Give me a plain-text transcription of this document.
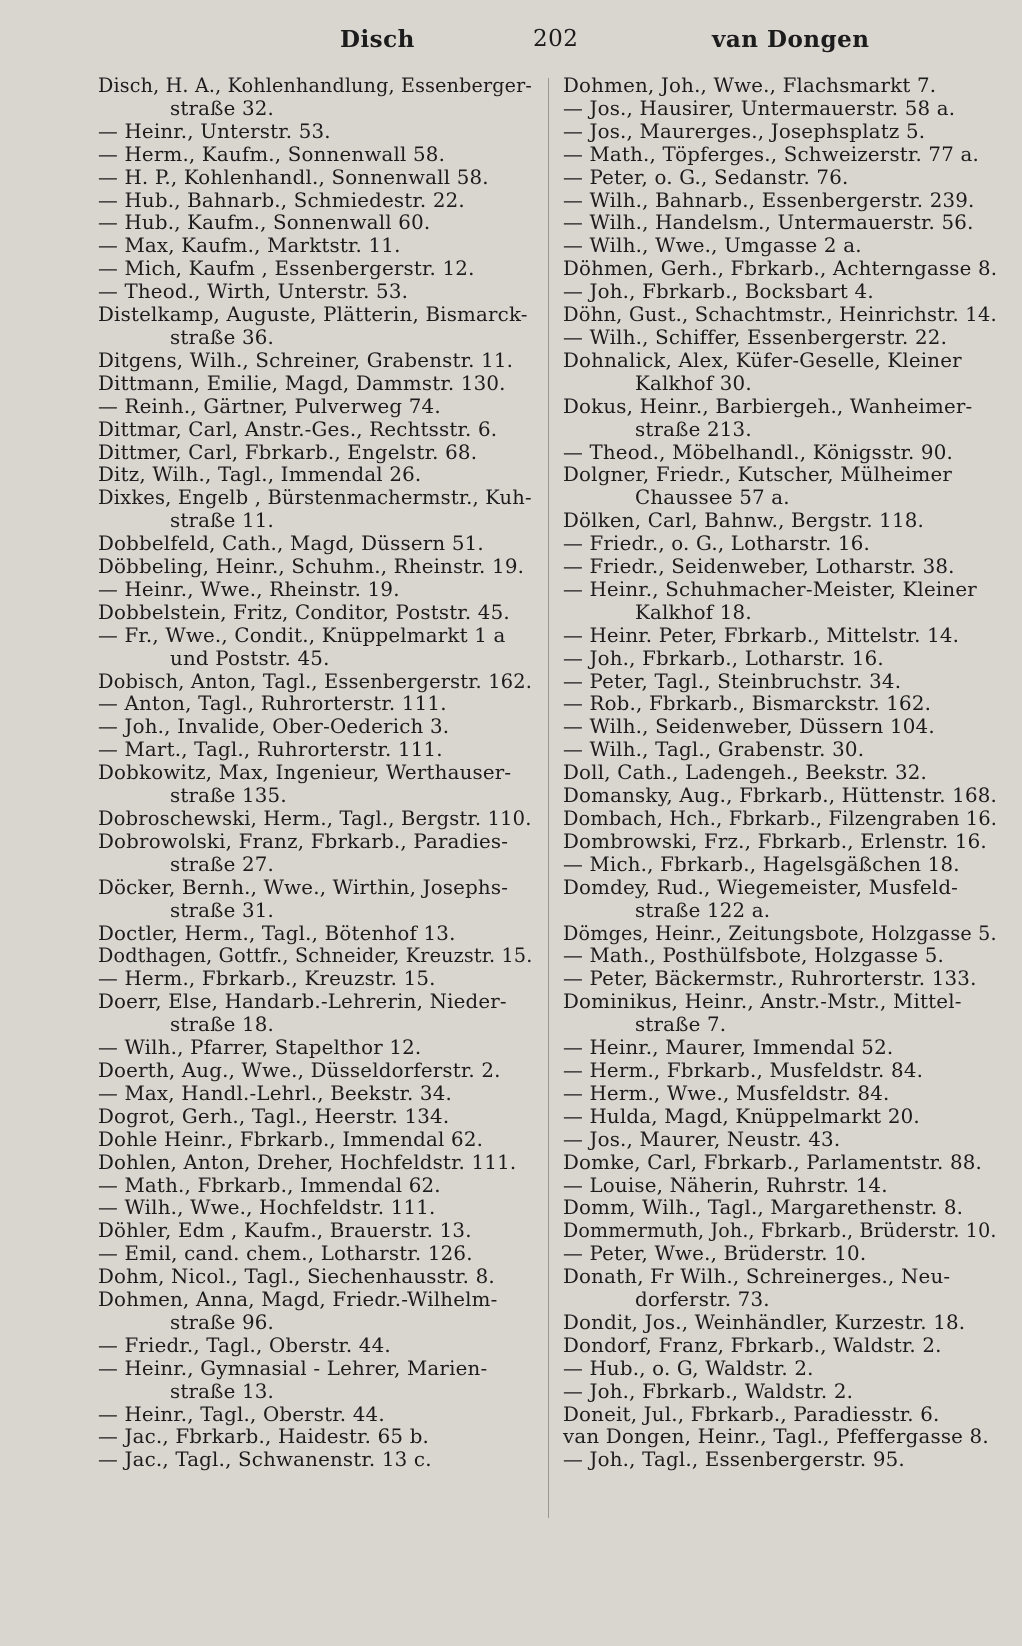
Disch	202	van Dongen
Disch, H. A., Kohlenhandlung, Essenberger-
straße 32.
— Heinr., Unterstr. 53.
— Herm., Kaufm., Sonnenwall 58.
— H. P., Kohlenhandl., Sonnenwall 58.
— Hub., Bahnarb., Schmiedestr. 22.
— Hub., Kaufm., Sonnenwall 60.
— Max, Kaufm., Marktstr. 11.
— Mich, Kaufm , Essenbergerstr. 12.
— Theod., Wirth, Unterstr. 53.
Distelkamp, Auguste, Plätterin, Bismarck-
straße 36.
Ditgens, Wilh., Schreiner, Grabenstr. 11.
Dittmann, Emilie, Magd, Dammstr. 130.
— Reinh., Gärtner, Pulverweg 74.
Dittmar, Carl, Anstr.-Ges., Rechtsstr. 6.
Dittmer, Carl, Fbrkarb., Engelstr. 68.
Ditz, Wilh., Tagl., Immendal 26.
Dixkes, Engelb , Bürstenmachermstr., Kuh-
straße 11.
Dobbelfeld, Cath., Magd, Düssern 51.
Döbbeling, Heinr., Schuhm., Rheinstr. 19.
— Heinr., Wwe., Rheinstr. 19.
Dobbelstein, Fritz, Conditor, Poststr. 45.
— Fr., Wwe., Condit., Knüppelmarkt 1 a
und Poststr. 45.
Dobisch, Anton, Tagl., Essenbergerstr. 162.
— Anton, Tagl., Ruhrorterstr. 111.
— Joh., Invalide, Ober-Oederich 3.
— Mart., Tagl., Ruhrorterstr. 111.
Dobkowitz, Max, Ingenieur, Werthauser-
straße 135.
Dobroschewski, Herm., Tagl., Bergstr. 110.
Dobrowolski, Franz, Fbrkarb., Paradies-
straße 27.
Döcker, Bernh., Wwe., Wirthin, Josephs-
straße 31.
Doctler, Herm., Tagl., Bötenhof 13.
Dodthagen, Gottfr., Schneider, Kreuzstr. 15.
— Herm., Fbrkarb., Kreuzstr. 15.
Doerr, Else, Handarb.-Lehrerin, Nieder-
straße 18.
— Wilh., Pfarrer, Stapelthor 12.
Doerth, Aug., Wwe., Düsseldorferstr. 2.
— Max, Handl.-Lehrl., Beekstr. 34.
Dogrot, Gerh., Tagl., Heerstr. 134.
Dohle Heinr., Fbrkarb., Immendal 62.
Dohlen, Anton, Dreher, Hochfeldstr. 111.
— Math., Fbrkarb., Immendal 62.
— Wilh., Wwe., Hochfeldstr. 111.
Döhler, Edm , Kaufm., Brauerstr. 13.
— Emil, cand. chem., Lotharstr. 126.
Dohm, Nicol., Tagl., Siechenhausstr. 8.
Dohmen, Anna, Magd, Friedr.-Wilhelm-
straße 96.
— Friedr., Tagl., Oberstr. 44.
— Heinr., Gymnasial - Lehrer, Marien-
straße 13.
— Heinr., Tagl., Oberstr. 44.
— Jac., Fbrkarb., Haidestr. 65 b.
— Jac., Tagl., Schwanenstr. 13 c.
Dohmen, Joh., Wwe., Flachsmarkt 7.
— Jos., Hausirer, Untermauerstr. 58 a.
— Jos., Maurerges., Josephsplatz 5.
— Math., Töpferges., Schweizerstr. 77 a.
— Peter, o. G., Sedanstr. 76.
— Wilh., Bahnarb., Essenbergerstr. 239.
— Wilh., Handelsm., Untermauerstr. 56.
— Wilh., Wwe., Umgasse 2 a.
Döhmen, Gerh., Fbrkarb., Achterngasse 8.
— Joh., Fbrkarb., Bocksbart 4.
Döhn, Gust., Schachtmstr., Heinrichstr. 14.
— Wilh., Schiffer, Essenbergerstr. 22.
Dohnalick, Alex, Küfer-Geselle, Kleiner
Kalkhof 30.
Dokus, Heinr., Barbiergeh., Wanheimer-
straße 213.
— Theod., Möbelhandl., Königsstr. 90.
Dolgner, Friedr., Kutscher, Mülheimer
Chaussee 57 a.
Dölken, Carl, Bahnw., Bergstr. 118.
— Friedr., o. G., Lotharstr. 16.
— Friedr., Seidenweber, Lotharstr. 38.
— Heinr., Schuhmacher-Meister, Kleiner
Kalkhof 18.
— Heinr. Peter, Fbrkarb., Mittelstr. 14.
— Joh., Fbrkarb., Lotharstr. 16.
— Peter, Tagl., Steinbruchstr. 34.
— Rob., Fbrkarb., Bismarckstr. 162.
— Wilh., Seidenweber, Düssern 104.
— Wilh., Tagl., Grabenstr. 30.
Doll, Cath., Ladengeh., Beekstr. 32.
Domansky, Aug., Fbrkarb., Hüttenstr. 168.
Dombach, Hch., Fbrkarb., Filzengraben 16.
Dombrowski, Frz., Fbrkarb., Erlenstr. 16.
— Mich., Fbrkarb., Hagelsgäßchen 18.
Domdey, Rud., Wiegemeister, Musfeld-
straße 122 a.
Dömges, Heinr., Zeitungsbote, Holzgasse 5.
— Math., Posthülfsbote, Holzgasse 5.
— Peter, Bäckermstr., Ruhrorterstr. 133.
Dominikus, Heinr., Anstr.-Mstr., Mittel-
straße 7.
— Heinr., Maurer, Immendal 52.
— Herm., Fbrkarb., Musfeldstr. 84.
— Herm., Wwe., Musfeldstr. 84.
— Hulda, Magd, Knüppelmarkt 20.
— Jos., Maurer, Neustr. 43.
Domke, Carl, Fbrkarb., Parlamentstr. 88.
— Louise, Näherin, Ruhrstr. 14.
Domm, Wilh., Tagl., Margarethenstr. 8.
Dommermuth, Joh., Fbrkarb., Brüderstr. 10.
— Peter, Wwe., Brüderstr. 10.
Donath, Fr Wilh., Schreinerges., Neu-
dorferstr. 73.
Dondit, Jos., Weinhändler, Kurzestr. 18.
Dondorf, Franz, Fbrkarb., Waldstr. 2.
— Hub., o. G, Waldstr. 2.
— Joh., Fbrkarb., Waldstr. 2.
Doneit, Jul., Fbrkarb., Paradiesstr. 6.
van Dongen, Heinr., Tagl., Pfeffergasse 8.
— Joh., Tagl., Essenbergerstr. 95.
